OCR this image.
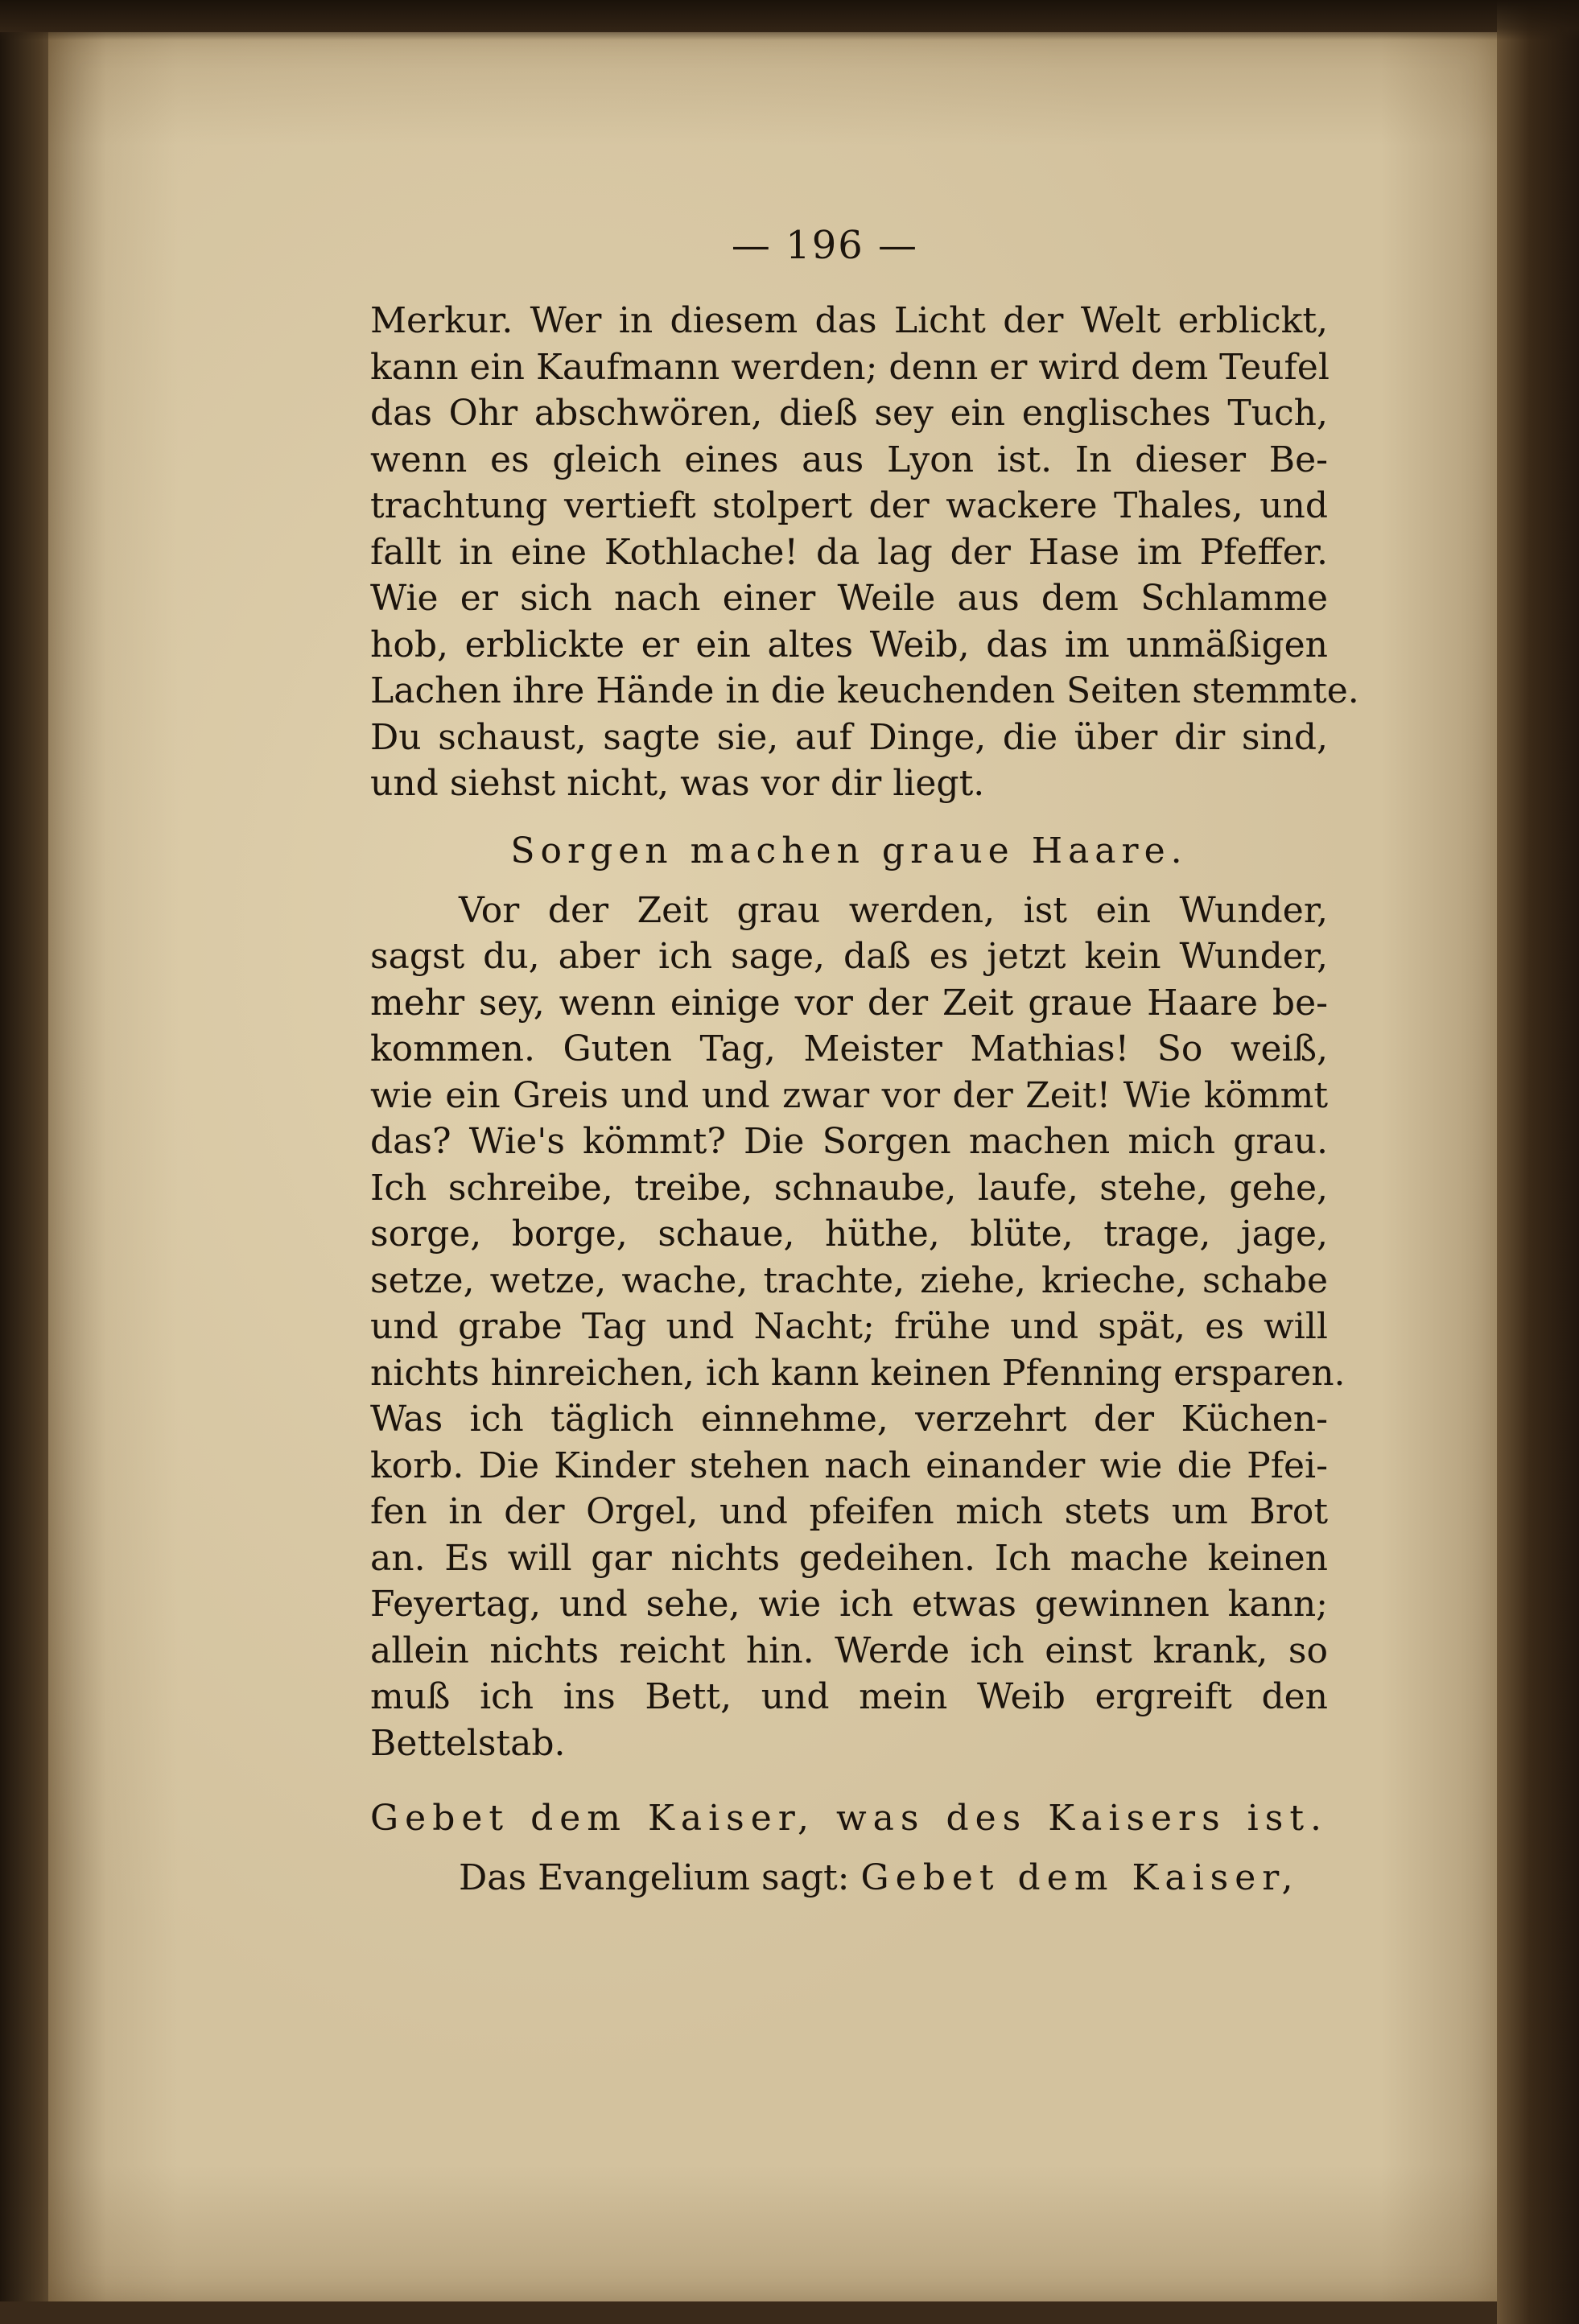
— 196 —
Merkur. Wer in diesem das Licht der Welt erblickt,
kann ein Kaufmann werden; denn er wird dem Teufel
das Ohr abschwören, dieß sey ein englisches Tuch,
wenn es gleich eines aus Lyon ist. In dieser Be-
trachtung vertieft stolpert der wackere Thales, und
fallt in eine Kothlache! da lag der Hase im Pfeffer.
Wie er sich nach einer Weile aus dem Schlamme
hob, erblickte er ein altes Weib, das im unmäßigen
Lachen ihre Hände in die keuchenden Seiten stemmte.
Du schaust, sagte sie, auf Dinge, die über dir sind,
und siehst nicht, was vor dir liegt.
Sorgen machen graue Haare.
Vor der Zeit grau werden, ist ein Wunder,
sagst du, aber ich sage, daß es jetzt kein Wunder,
mehr sey, wenn einige vor der Zeit graue Haare be-
kommen. Guten Tag, Meister Mathias! So weiß,
wie ein Greis und und zwar vor der Zeit! Wie kömmt
das? Wie's kömmt? Die Sorgen machen mich grau.
Ich schreibe, treibe, schnaube, laufe, stehe, gehe,
sorge, borge, schaue, hüthe, blüte, trage, jage,
setze, wetze, wache, trachte, ziehe, krieche, schabe
und grabe Tag und Nacht; frühe und spät, es will
nichts hinreichen, ich kann keinen Pfenning ersparen.
Was ich täglich einnehme, verzehrt der Küchen-
korb. Die Kinder stehen nach einander wie die Pfei-
fen in der Orgel, und pfeifen mich stets um Brot
an. Es will gar nichts gedeihen. Ich mache keinen
Feyertag, und sehe, wie ich etwas gewinnen kann;
allein nichts reicht hin. Werde ich einst krank, so
muß ich ins Bett, und mein Weib ergreift den
Bettelstab.
Gebet dem Kaiser, was des Kaisers ist.
Das Evangelium sagt: Gebet dem Kaiser,
